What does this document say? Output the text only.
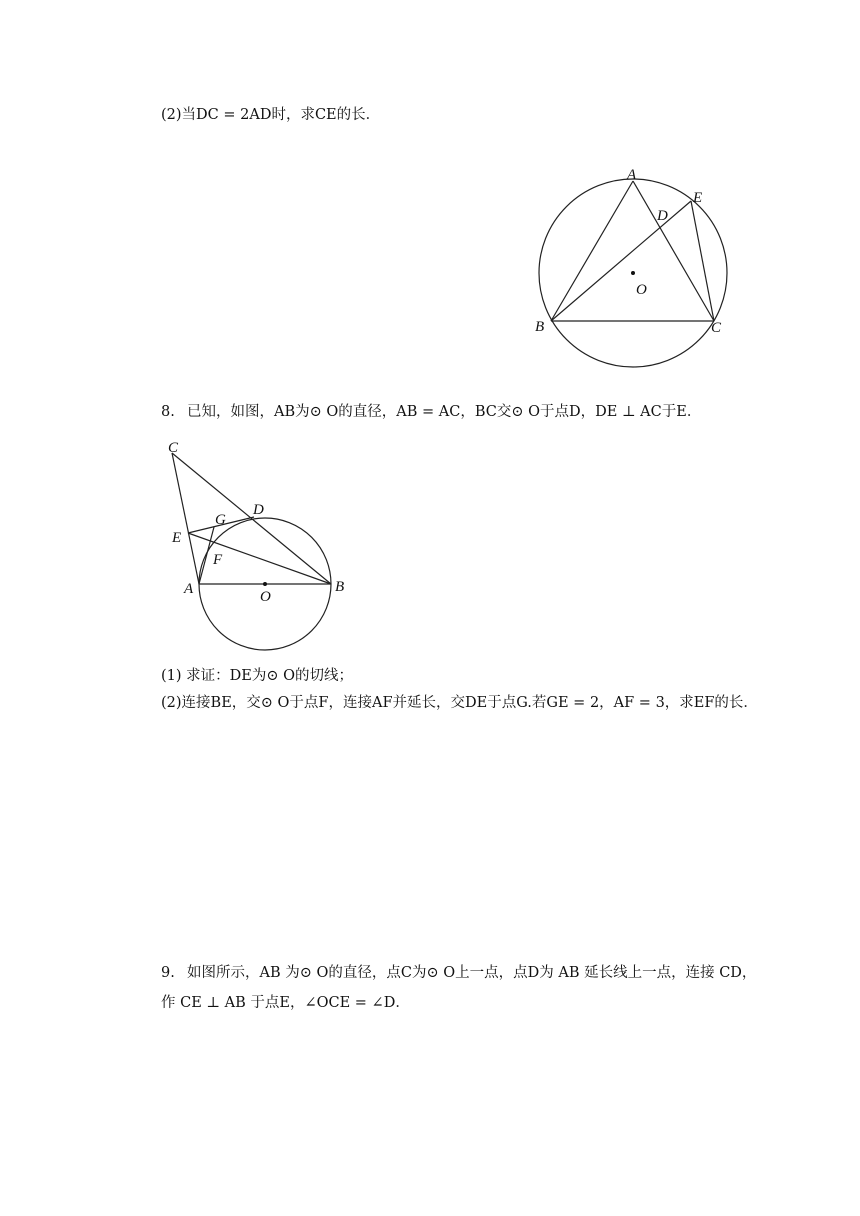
(2)当DC = 2AD时，求CE的长．
A
E
D
O
B	C
8. 已知，如图，AB为⊙ O的直径，AB = AC，BC交⊙ O于点D，DE ⊥ AC于E．
C
D
G
E
F
A	O
B
(1) 求证：DE为⊙ O的切线；
(2)连接BE，交⊙ O于点F，连接AF并延长，交DE于点G.若GE = 2，AF = 3，求EF的长．
9. 如图所示，AB 为⊙ O的直径，点C为⊙ O上一点，点D为 AB 延长线上一点，连接 CD，
作 CE ⊥ AB 于点E，∠OCE = ∠D．
